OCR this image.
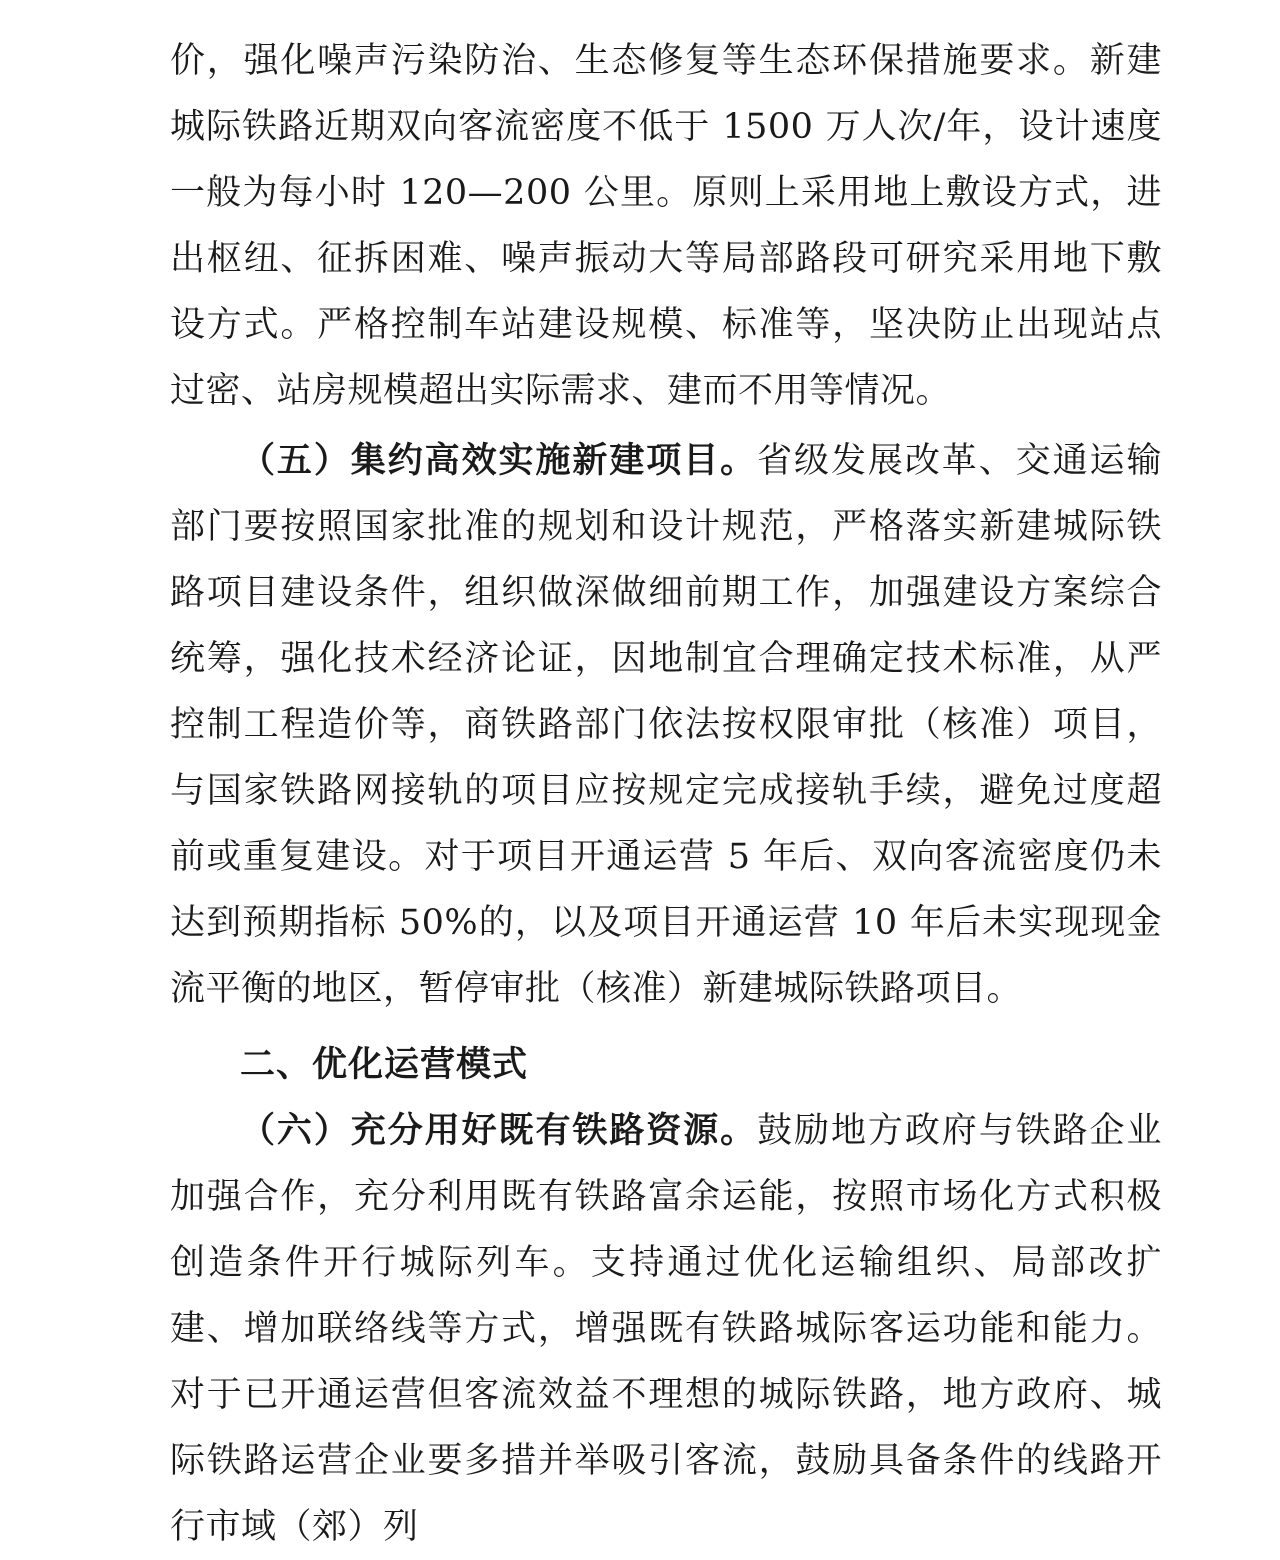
价，强化噪声污染防治、生态修复等生态环保措施要求。新建城际铁路近期双向客流密度不低于 1500 万人次/年，设计速度一般为每小时 120—200 公里。原则上采用地上敷设方式，进出枢纽、征拆困难、噪声振动大等局部路段可研究采用地下敷设方式。严格控制车站建设规模、标准等，坚决防止出现站点过密、站房规模超出实际需求、建而不用等情况。

（五）集约高效实施新建项目。省级发展改革、交通运输部门要按照国家批准的规划和设计规范，严格落实新建城际铁路项目建设条件，组织做深做细前期工作，加强建设方案综合统筹，强化技术经济论证，因地制宜合理确定技术标准，从严控制工程造价等，商铁路部门依法按权限审批（核准）项目，与国家铁路网接轨的项目应按规定完成接轨手续，避免过度超前或重复建设。对于项目开通运营 5 年后、双向客流密度仍未达到预期指标 50%的，以及项目开通运营 10 年后未实现现金流平衡的地区，暂停审批（核准）新建城际铁路项目。

二、优化运营模式

（六）充分用好既有铁路资源。鼓励地方政府与铁路企业加强合作，充分利用既有铁路富余运能，按照市场化方式积极创造条件开行城际列车。支持通过优化运输组织、局部改扩建、增加联络线等方式，增强既有铁路城际客运功能和能力。对于已开通运营但客流效益不理想的城际铁路，地方政府、城际铁路运营企业要多措并举吸引客流，鼓励具备条件的线路开行市域（郊）列
